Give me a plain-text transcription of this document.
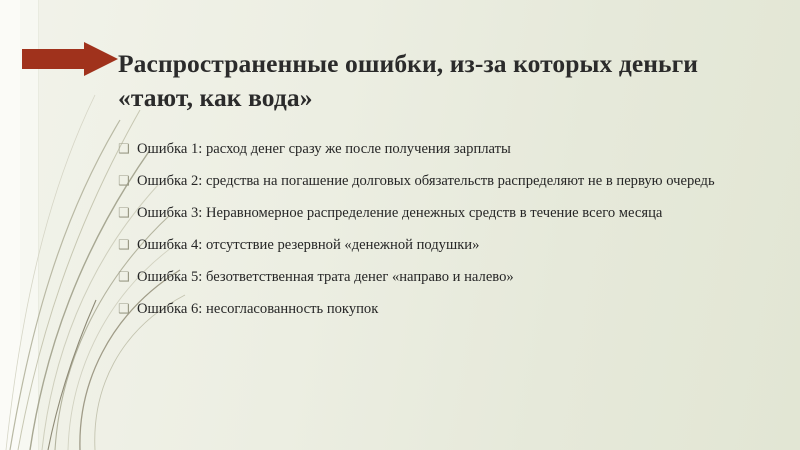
Распространенные ошибки, из-за которых деньги «тают, как вода»
❑ Ошибка 1: расход денег сразу же после получения зарплаты
❑ Ошибка 2: средства на погашение долговых обязательств распределяют не в первую очередь
❑ Ошибка 3: Неравномерное распределение денежных средств в течение всего месяца
❑ Ошибка 4: отсутствие резервной «денежной подушки»
❑ Ошибка 5: безответственная трата денег «направо и налево»
❑ Ошибка 6: несогласованность покупок
